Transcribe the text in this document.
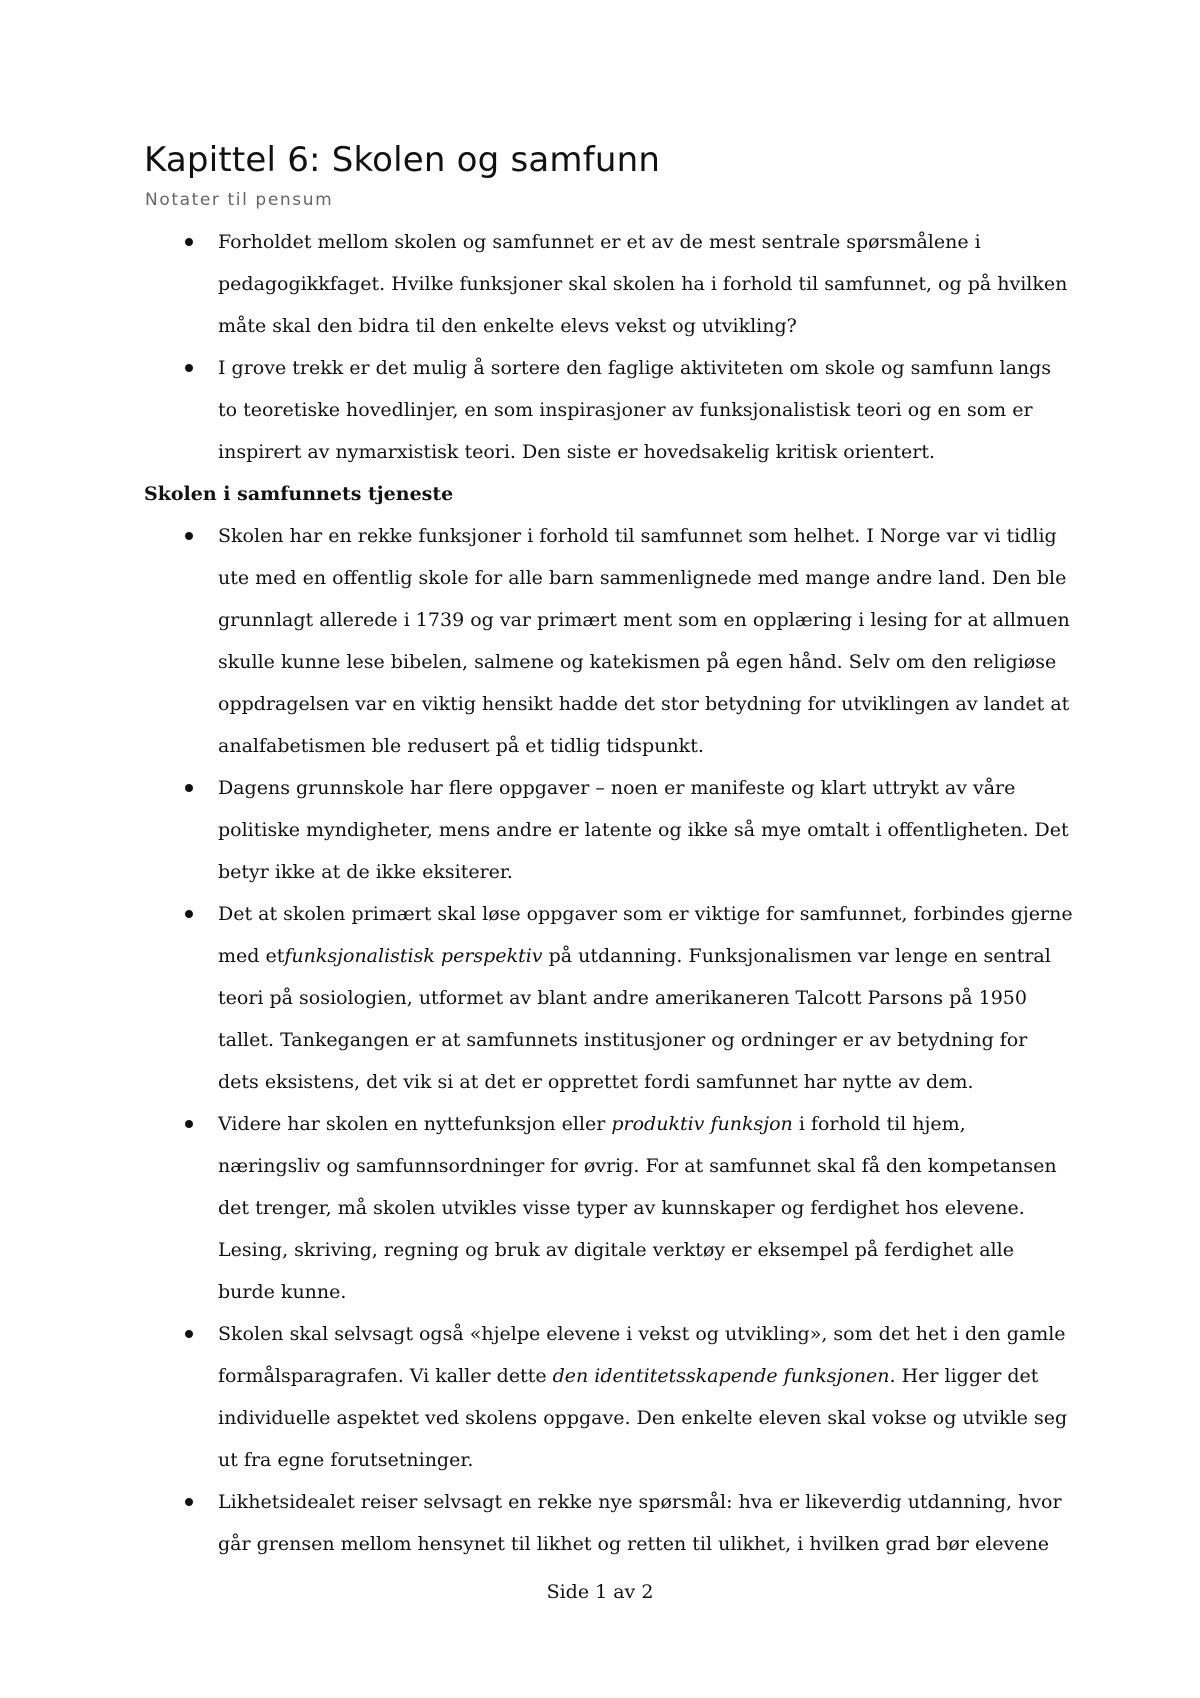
Kapittel 6: Skolen og samfunn

Notater til pensum

Forholdet mellom skolen og samfunnet er et av de mest sentrale spørsmålene i pedagogikkfaget. Hvilke funksjoner skal skolen ha i forhold til samfunnet, og på hvilken måte skal den bidra til den enkelte elevs vekst og utvikling?
I grove trekk er det mulig å sortere den faglige aktiviteten om skole og samfunn langs to teoretiske hovedlinjer, en som inspirasjoner av funksjonalistisk teori og en som er inspirert av nymarxistisk teori. Den siste er hovedsakelig kritisk orientert.

Skolen i samfunnets tjeneste

Skolen har en rekke funksjoner i forhold til samfunnet som helhet. I Norge var vi tidlig ute med en offentlig skole for alle barn sammenlignede med mange andre land. Den ble grunnlagt allerede i 1739 og var primært ment som en opplæring i lesing for at allmuen skulle kunne lese bibelen, salmene og katekismen på egen hånd. Selv om den religiøse oppdragelsen var en viktig hensikt hadde det stor betydning for utviklingen av landet at analfabetismen ble redusert på et tidlig tidspunkt.
Dagens grunnskole har flere oppgaver – noen er manifeste og klart uttrykt av våre politiske myndigheter, mens andre er latente og ikke så mye omtalt i offentligheten. Det betyr ikke at de ikke eksiterer.
Det at skolen primært skal løse oppgaver som er viktige for samfunnet, forbindes gjerne med etfunksjonalistisk perspektiv på utdanning. Funksjonalismen var lenge en sentral teori på sosiologien, utformet av blant andre amerikaneren Talcott Parsons på 1950 tallet. Tankegangen er at samfunnets institusjoner og ordninger er av betydning for dets eksistens, det vik si at det er opprettet fordi samfunnet har nytte av dem.
Videre har skolen en nyttefunksjon eller produktiv funksjon i forhold til hjem, næringsliv og samfunnsordninger for øvrig. For at samfunnet skal få den kompetansen det trenger, må skolen utvikles visse typer av kunnskaper og ferdighet hos elevene. Lesing, skriving, regning og bruk av digitale verktøy er eksempel på ferdighet alle burde kunne.
Skolen skal selvsagt også «hjelpe elevene i vekst og utvikling», som det het i den gamle formålsparagrafen. Vi kaller dette den identitetsskapende funksjonen. Her ligger det individuelle aspektet ved skolens oppgave. Den enkelte eleven skal vokse og utvikle seg ut fra egne forutsetninger.
Likhetsidealet reiser selvsagt en rekke nye spørsmål: hva er likeverdig utdanning, hvor går grensen mellom hensynet til likhet og retten til ulikhet, i hvilken grad bør elevene
Side 1 av 2
